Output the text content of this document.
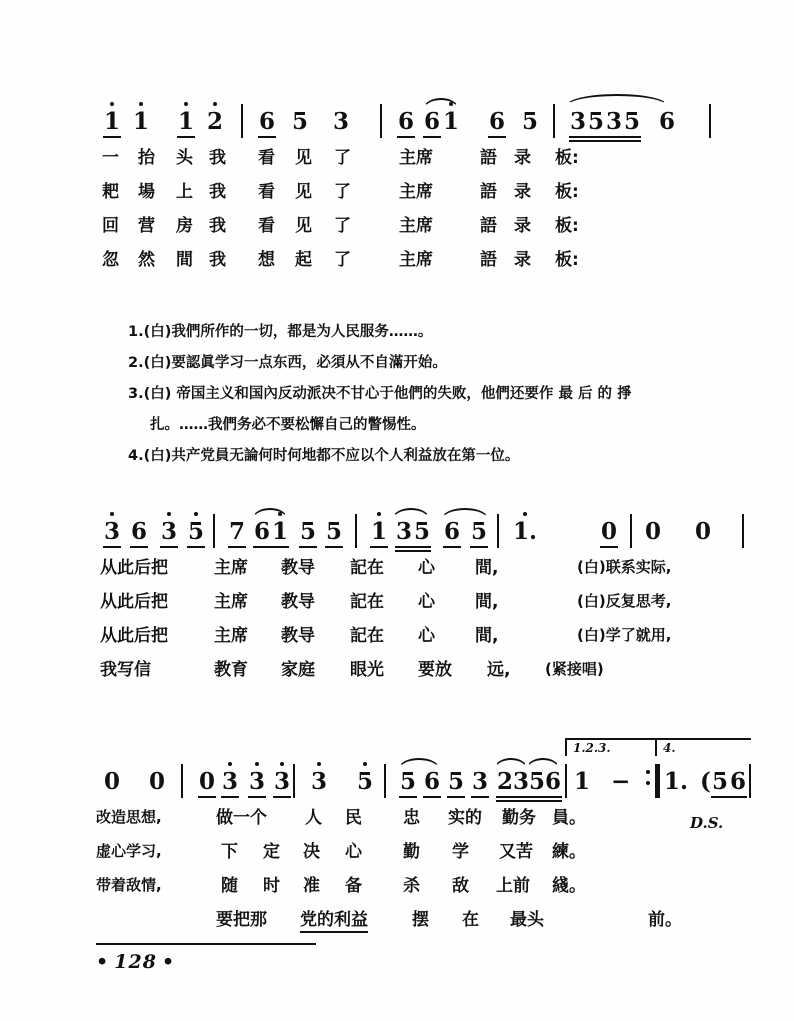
1 1 1 2 6 5 3 6 6 1 6 5 3 5 3 5 6
一 抬 头 我 看 见 了	主席	語 录 板:
耙 場 上 我 看 见 了	主席	語 录 板:
回 营 房 我 看 见 了	主席	語 录 板:
忽 然 間 我 想 起 了	主席	語 录 板:

1.(白)我們所作的一切，都是为人民服务……。

2.(白)要認眞学习一点东西，必須从不自滿开始。

3.(白) 帝国主义和国內反动派决不甘心于他們的失败，他們还要作 最 后 的 掙

扎。……我們务必不要松懈自己的瞥惕性。

4.(白)共产党員无論何时何地都不应以个人利益放在第一位。

3 6 3 5 7 6 1 5 5 1 3 5 6 5 1.	0 0 0
从此后把	主席 教导 記在 心 間,	(白)联系实际,
从此后把	主席 教导 記在 心 間,	(白)反复思考,
从此后把	主席 教导 記在 心 間,	(白)学了就用,
我写信	教育 家庭 眼光 要放 远, (紧接唱)
0 0 0 3 3 3 3 5 5 6 5 3 2 3 5 6 1 − 1. ( 5 6
1.2.3.	4.
改造思想,	做一个 人 民 忠 实的 勤务 員。
虚心学习,	下 定 决 心 勤 学 又苦 練。
带着敌情,	随 时 准 备 杀 敌 上前 綫。
要把那 党的利益	摆 在 最头	前。
D.S.
• 128 •
